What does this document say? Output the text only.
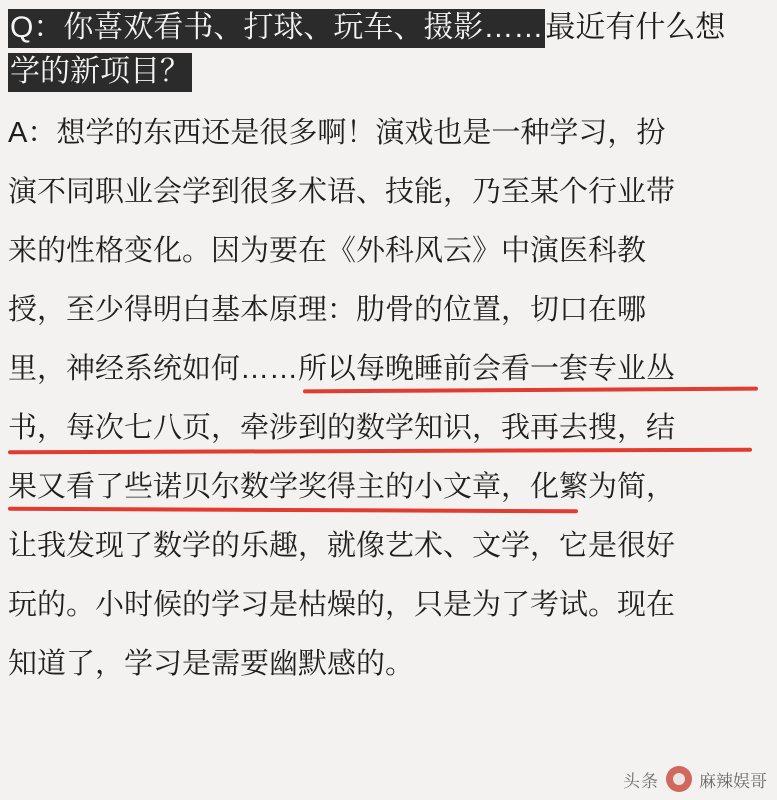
Q：你喜欢看书、打球、玩车、摄影……最近有什么想
学的新项目？
A：想学的东西还是很多啊！演戏也是一种学习，扮
演不同职业会学到很多术语、技能，乃至某个行业带
来的性格变化。因为要在《外科风云》中演医科教
授，至少得明白基本原理：肋骨的位置，切口在哪
里，神经系统如何……所以每晚睡前会看一套专业丛
书，每次七八页，牵涉到的数学知识，我再去搜，结
果又看了些诺贝尔数学奖得主的小文章，化繁为简，
让我发现了数学的乐趣，就像艺术、文学，它是很好
玩的。小时候的学习是枯燥的，只是为了考试。现在
知道了，学习是需要幽默感的。
头条 麻辣娱哥
